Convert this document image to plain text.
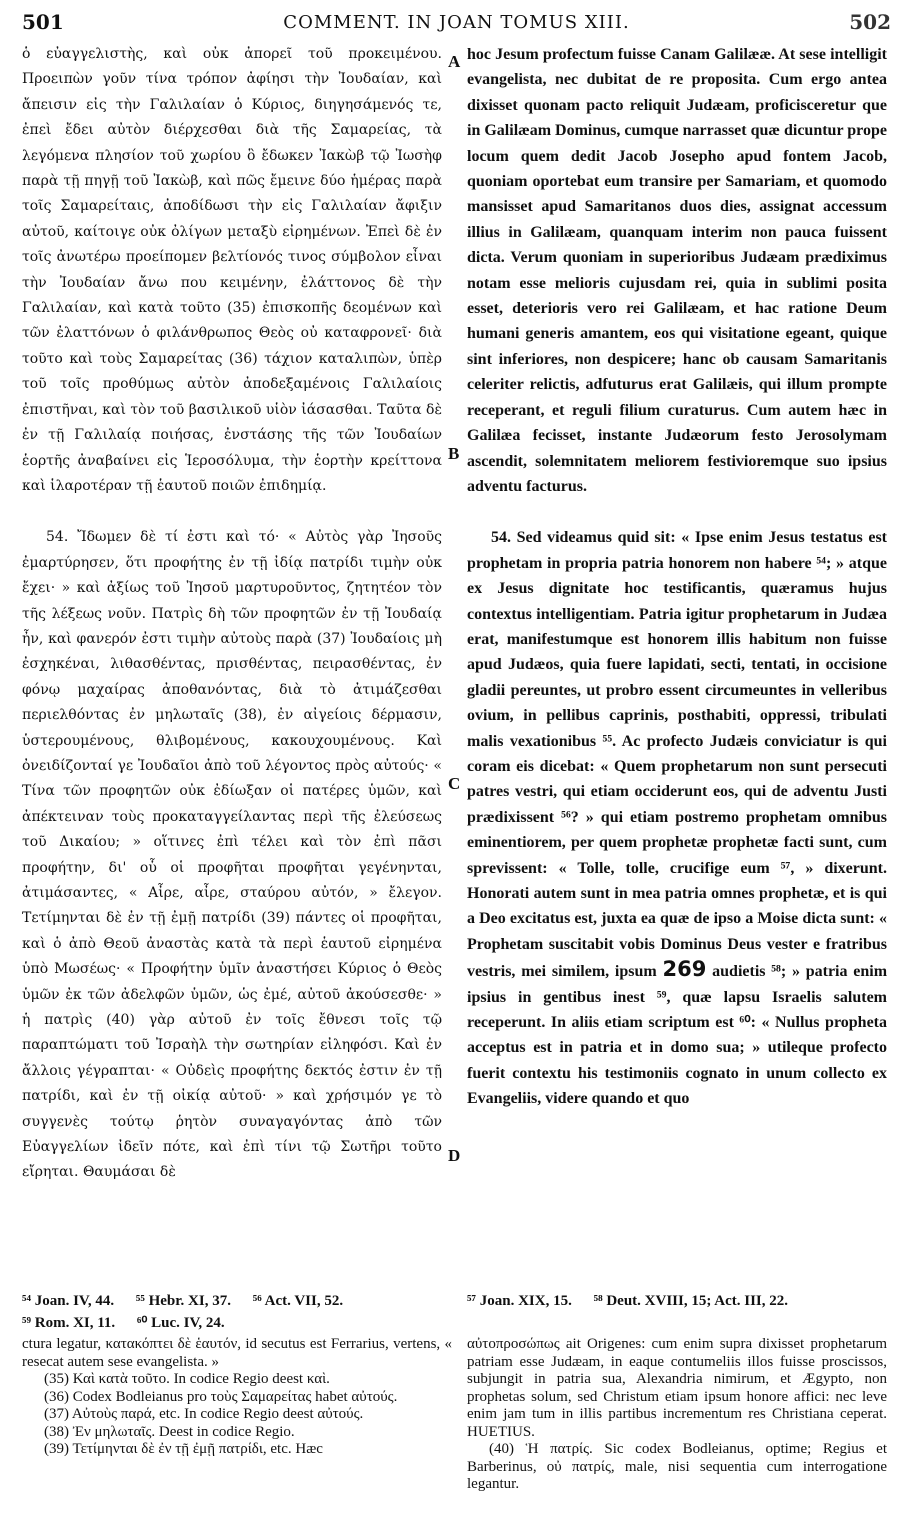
501	COMMENT. IN JOAN TOMUS XIII.	502

ὁ εὐαγγελιστὴς, καὶ οὐκ ἀπορεῖ τοῦ προκειμένου. Προειπὼν γοῦν τίνα τρόπον ἀφίησι τὴν Ἰουδαίαν, καὶ ἄπεισιν εἰς τὴν Γαλιλαίαν ὁ Κύριος, διηγησάμενός τε, ἐπεὶ ἔδει αὐτὸν διέρχεσθαι διὰ τῆς Σαμαρείας, τὰ λεγόμενα πλησίον τοῦ χωρίου ὃ ἔδωκεν Ἰακὼβ τῷ Ἰωσὴφ παρὰ τῇ πηγῇ τοῦ Ἰακὼβ, καὶ πῶς ἔμεινε δύο ἡμέρας παρὰ τοῖς Σαμαρείταις, ἀποδίδωσι τὴν εἰς Γαλιλαίαν ἄφιξιν αὐτοῦ, καίτοιγε οὐκ ὀλίγων μεταξὺ εἰρημένων. Ἐπεὶ δὲ ἐν τοῖς ἀνωτέρω προείπομεν βελτίονός τινος σύμβολον εἶναι τὴν Ἰουδαίαν ἄνω που κειμένην, ἐλάττονος δὲ τὴν Γαλιλαίαν, καὶ κατὰ τοῦτο (35) ἐπισκοπῆς δεομένων καὶ τῶν ἐλαττόνων ὁ φιλάνθρωπος Θεὸς οὐ καταφρονεῖ· διὰ τοῦτο καὶ τοὺς Σαμαρείτας (36) τάχιον καταλιπὼν, ὑπὲρ τοῦ τοῖς προθύμως αὐτὸν ἀποδεξαμένοις Γαλιλαίοις ἐπιστῆναι, καὶ τὸν τοῦ βασιλικοῦ υἱὸν ἰάσασθαι. Ταῦτα δὲ ἐν τῇ Γαλιλαίᾳ ποιήσας, ἐνστάσης τῆς τῶν Ἰουδαίων ἑορτῆς ἀναβαίνει εἰς Ἱεροσόλυμα, τὴν ἑορτὴν κρείττονα καὶ ἱλαροτέραν τῇ ἑαυτοῦ ποιῶν ἐπιδημίᾳ.

54. Ἴδωμεν δὲ τί ἐστι καὶ τό· « Αὐτὸς γὰρ Ἰησοῦς ἐμαρτύρησεν, ὅτι προφήτης ἐν τῇ ἰδίᾳ πατρίδι τιμὴν οὐκ ἔχει· » καὶ ἀξίως τοῦ Ἰησοῦ μαρτυροῦντος, ζητητέον τὸν τῆς λέξεως νοῦν. Πατρὶς δὴ τῶν προφητῶν ἐν τῇ Ἰουδαίᾳ ἦν, καὶ φανερόν ἐστι τιμὴν αὐτοὺς παρὰ (37) Ἰουδαίοις μὴ ἐσχηκέναι, λιθασθέντας, πρισθέντας, πειρασθέντας, ἐν φόνῳ μαχαίρας ἀποθανόντας, διὰ τὸ ἀτιμάζεσθαι περιελθόντας ἐν μηλωταῖς (38), ἐν αἰγείοις δέρμασιν, ὑστερουμένους, θλιβομένους, κακουχουμένους. Καὶ ὀνειδίζονταί γε Ἰουδαῖοι ἀπὸ τοῦ λέγοντος πρὸς αὐτούς· « Τίνα τῶν προφητῶν οὐκ ἐδίωξαν οἱ πατέρες ὑμῶν, καὶ ἀπέκτειναν τοὺς προκαταγγείλαντας περὶ τῆς ἐλεύσεως τοῦ Δικαίου; » οἵτινες ἐπὶ τέλει καὶ τὸν ἐπὶ πᾶσι προφήτην, δι' οὗ οἱ προφῆται προφῆται γεγένηνται, ἀτιμάσαντες, « Αἶρε, αἶρε, σταύρου αὐτόν, » ἔλεγον. Τετίμηνται δὲ ἐν τῇ ἐμῇ πατρίδι (39) πάντες οἱ προφῆται, καὶ ὁ ἀπὸ Θεοῦ ἀναστὰς κατὰ τὰ περὶ ἑαυτοῦ εἰρημένα ὑπὸ Μωσέως· « Προφήτην ὑμῖν ἀναστήσει Κύριος ὁ Θεὸς ὑμῶν ἐκ τῶν ἀδελφῶν ὑμῶν, ὡς ἐμέ, αὐτοῦ ἀκούσεσθε· » ἡ πατρὶς (40) γὰρ αὐτοῦ ἐν τοῖς ἔθνεσι τοῖς τῷ παραπτώματι τοῦ Ἰσραὴλ τὴν σωτηρίαν εἰληφόσι. Καὶ ἐν ἄλλοις γέγραπται· « Οὐδεὶς προφήτης δεκτός ἐστιν ἐν τῇ πατρίδι, καὶ ἐν τῇ οἰκίᾳ αὐτοῦ· » καὶ χρήσιμόν γε τὸ συγγενὲς τούτῳ ῥητὸν συναγαγόντας ἀπὸ τῶν Εὐαγγελίων ἰδεῖν πότε, καὶ ἐπὶ τίνι τῷ Σωτῆρι τοῦτο εἴρηται. Θαυμάσαι δὲ

A
B
C
D

hoc Jesum profectum fuisse Canam Galilææ. At sese intelligit evangelista, nec dubitat de re proposita. Cum ergo antea dixisset quonam pacto reliquit Judæam, proficisceretur que in Galilæam Dominus, cumque narrasset quæ dicuntur prope locum quem dedit Jacob Josepho apud fontem Jacob, quoniam oportebat eum transire per Samariam, et quomodo mansisset apud Samaritanos duos dies, assignat accessum illius in Galilæam, quanquam interim non pauca fuissent dicta. Verum quoniam in superioribus Judæam prædiximus notam esse melioris cujusdam rei, quia in sublimi posita esset, deterioris vero rei Galilæam, et hac ratione Deum humani generis amantem, eos qui visitatione egeant, quique sint inferiores, non despicere; hanc ob causam Samaritanis celeriter relictis, adfuturus erat Galilæis, qui illum prompte receperant, et reguli filium curaturus. Cum autem hæc in Galilæa fecisset, instante Judæorum festo Jerosolymam ascendit, solemnitatem meliorem festivioremque suo ipsius adventu facturus.

54. Sed videamus quid sit: « Ipse enim Jesus testatus est prophetam in propria patria honorem non habere ⁵⁴; » atque ex Jesus dignitate hoc testificantis, quæramus hujus contextus intelligentiam. Patria igitur prophetarum in Judæa erat, manifestumque est honorem illis habitum non fuisse apud Judæos, quia fuere lapidati, secti, tentati, in occisione gladii pereuntes, ut probro essent circumeuntes in velleribus ovium, in pellibus caprinis, posthabiti, oppressi, tribulati malis vexationibus ⁵⁵. Ac profecto Judæis conviciatur is qui coram eis dicebat: « Quem prophetarum non sunt persecuti patres vestri, qui etiam occiderunt eos, qui de adventu Justi prædixissent ⁵⁶? » qui etiam postremo prophetam omnibus eminentiorem, per quem prophetæ prophetæ facti sunt, cum sprevissent: « Tolle, tolle, crucifige eum ⁵⁷, » dixerunt. Honorati autem sunt in mea patria omnes prophetæ, et is qui a Deo excitatus est, juxta ea quæ de ipso a Moise dicta sunt: « Prophetam suscitabit vobis Dominus Deus vester e fratribus vestris, mei similem, ipsum 269 audietis ⁵⁸; » patria enim ipsius in gentibus inest ⁵⁹, quæ lapsu Israelis salutem receperunt. In aliis etiam scriptum est ⁶⁰: « Nullus propheta acceptus est in patria et in domo sua; » utileque profecto fuerit contextu his testimoniis cognato in unum collecto ex Evangeliis, videre quando et quo

⁵⁴ Joan. IV, 44. ⁵⁵ Hebr. XI, 37. ⁵⁶ Act. VII, 52.
⁵⁹ Rom. XI, 11. ⁶⁰ Luc. IV, 24.
⁵⁷ Joan. XIX, 15. ⁵⁸ Deut. XVIII, 15; Act. III, 22.

ctura legatur, κατακόπτει δὲ ἑαυτόν, id secutus est Ferrarius, vertens, « resecat autem sese evangelista. »

(35) Καὶ κατὰ τοῦτο. In codice Regio deest καὶ.

(36) Codex Bodleianus pro τοὺς Σαμαρείτας habet αὐτούς.

(37) Αὐτοὺς παρά, etc. In codice Regio deest αὐτούς.

(38) Ἐν μηλωταῖς. Deest in codice Regio.

(39) Τετίμηνται δὲ ἐν τῇ ἐμῇ πατρίδι, etc. Hæc

αὐτοπροσώπως ait Origenes: cum enim supra dixisset prophetarum patriam esse Judæam, in eaque contumeliis illos fuisse proscissos, subjungit in patria sua, Alexandria nimirum, et Ægypto, non prophetas solum, sed Christum etiam ipsum honore affici: nec leve enim jam tum in illis partibus incrementum res Christiana ceperat. HUETIUS.

(40) Ἡ πατρίς. Sic codex Bodleianus, optime; Regius et Barberinus, οὐ πατρίς, male, nisi sequentia cum interrogatione legantur.
